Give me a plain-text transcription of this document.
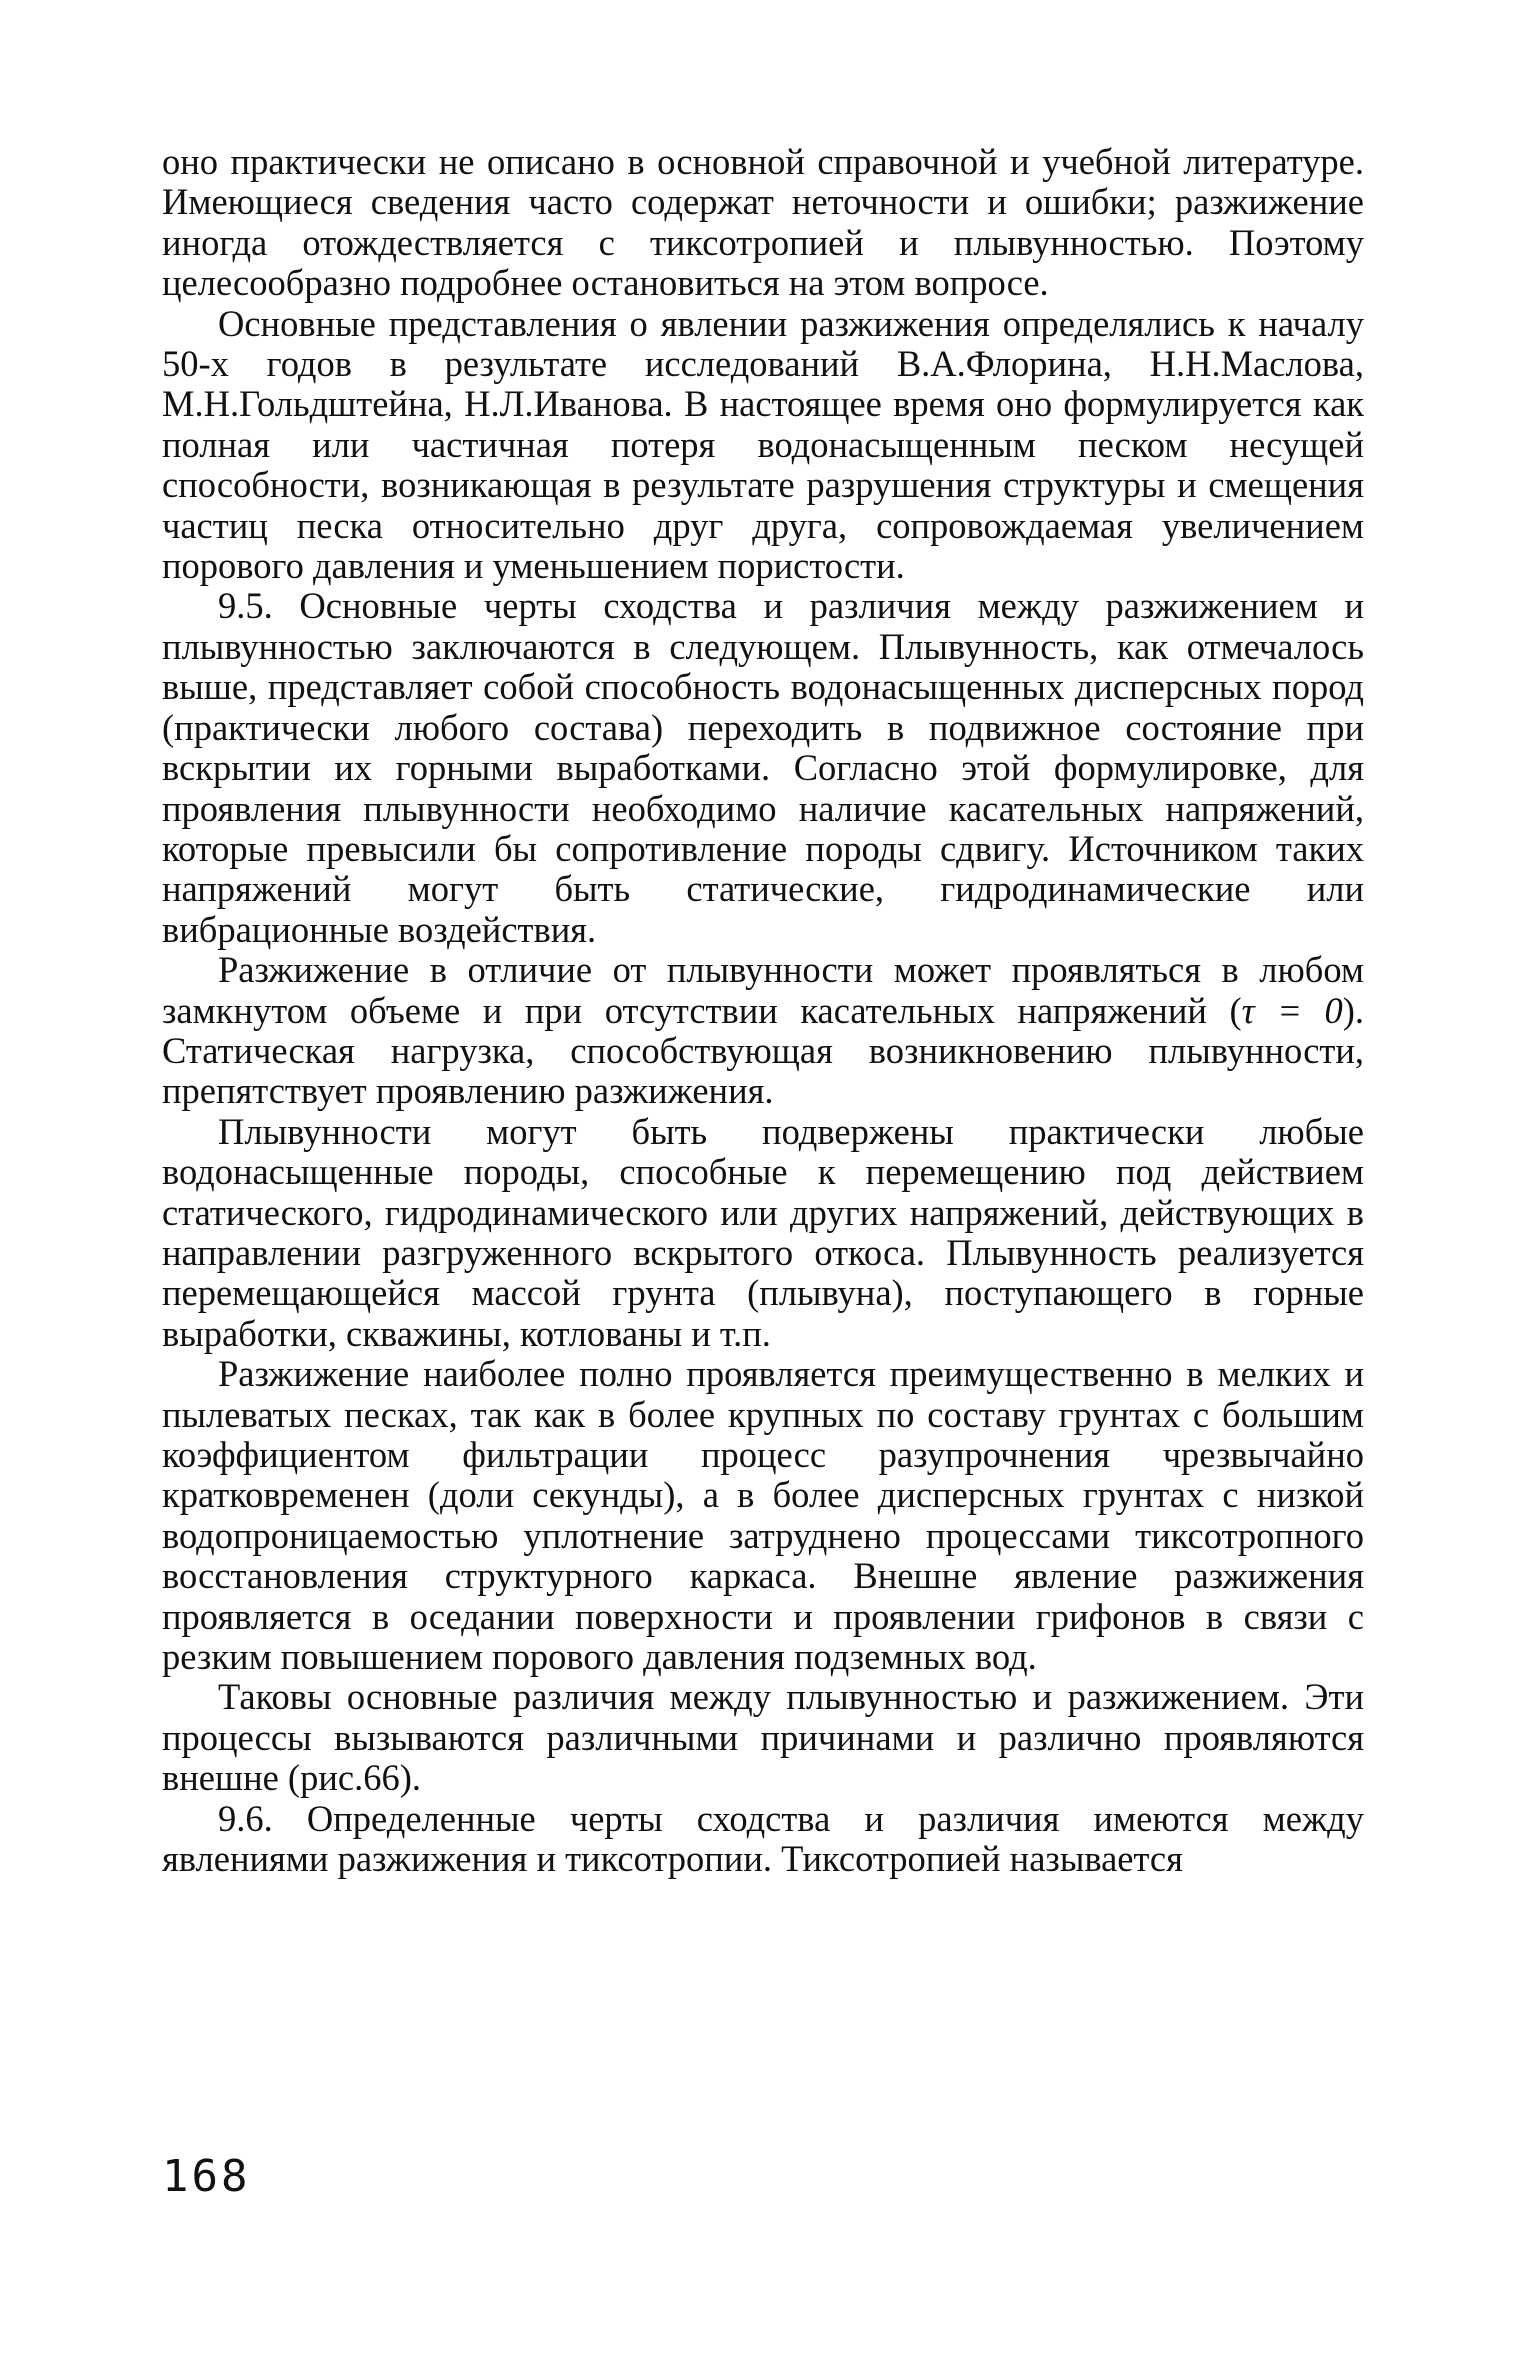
оно практически не описано в основной справочной и учебной литературе. Имеющиеся сведения часто содержат неточности и ошибки; разжижение иногда отождествляется с тиксотропией и плывунностью. Поэтому целесообразно подробнее остановиться на этом вопросе.

Основные представления о явлении разжижения определялись к началу 50-х годов в результате исследований В.А.Флорина, Н.Н.Маслова, М.Н.Гольдштейна, Н.Л.Иванова. В настоящее время оно формулируется как полная или частичная потеря водонасыщенным песком несущей способности, возникающая в результате разрушения структуры и смещения частиц песка относительно друг друга, сопровождаемая увеличением порового давления и уменьшением пористости.

9.5. Основные черты сходства и различия между разжижением и плывунностью заключаются в следующем. Плывунность, как отмечалось выше, представляет собой способность водонасыщенных дисперсных пород (практически любого состава) переходить в подвижное состояние при вскрытии их горными выработками. Согласно этой формулировке, для проявления плывунности необходимо наличие касательных напряжений, которые превысили бы сопротивление породы сдвигу. Источником таких напряжений могут быть статические, гидродинамические или вибрационные воздействия.

Разжижение в отличие от плывунности может проявляться в любом замкнутом объеме и при отсутствии касательных напряжений (τ = 0). Статическая нагрузка, способствующая возникновению плывунности, препятствует проявлению разжижения.

Плывунности могут быть подвержены практически любые водонасыщенные породы, способные к перемещению под действием статического, гидродинамического или других напряжений, действующих в направлении разгруженного вскрытого откоса. Плывунность реализуется перемещающейся массой грунта (плывуна), поступающего в горные выработки, скважины, котлованы и т.п.

Разжижение наиболее полно проявляется преимущественно в мелких и пылеватых песках, так как в более крупных по составу грунтах с большим коэффициентом фильтрации процесс разупрочнения чрезвычайно кратковременен (доли секунды), а в более дисперсных грунтах с низкой водопроницаемостью уплотнение затруднено процессами тиксотропного восстановления структурного каркаса. Внешне явление разжижения проявляется в оседании поверхности и проявлении грифонов в связи с резким повышением порового давления подземных вод.

Таковы основные различия между плывунностью и разжижением. Эти процессы вызываются различными причинами и различно проявляются внешне (рис.66).

9.6. Определенные черты сходства и различия имеются между явлениями разжижения и тиксотропии. Тиксотропией называется

168
